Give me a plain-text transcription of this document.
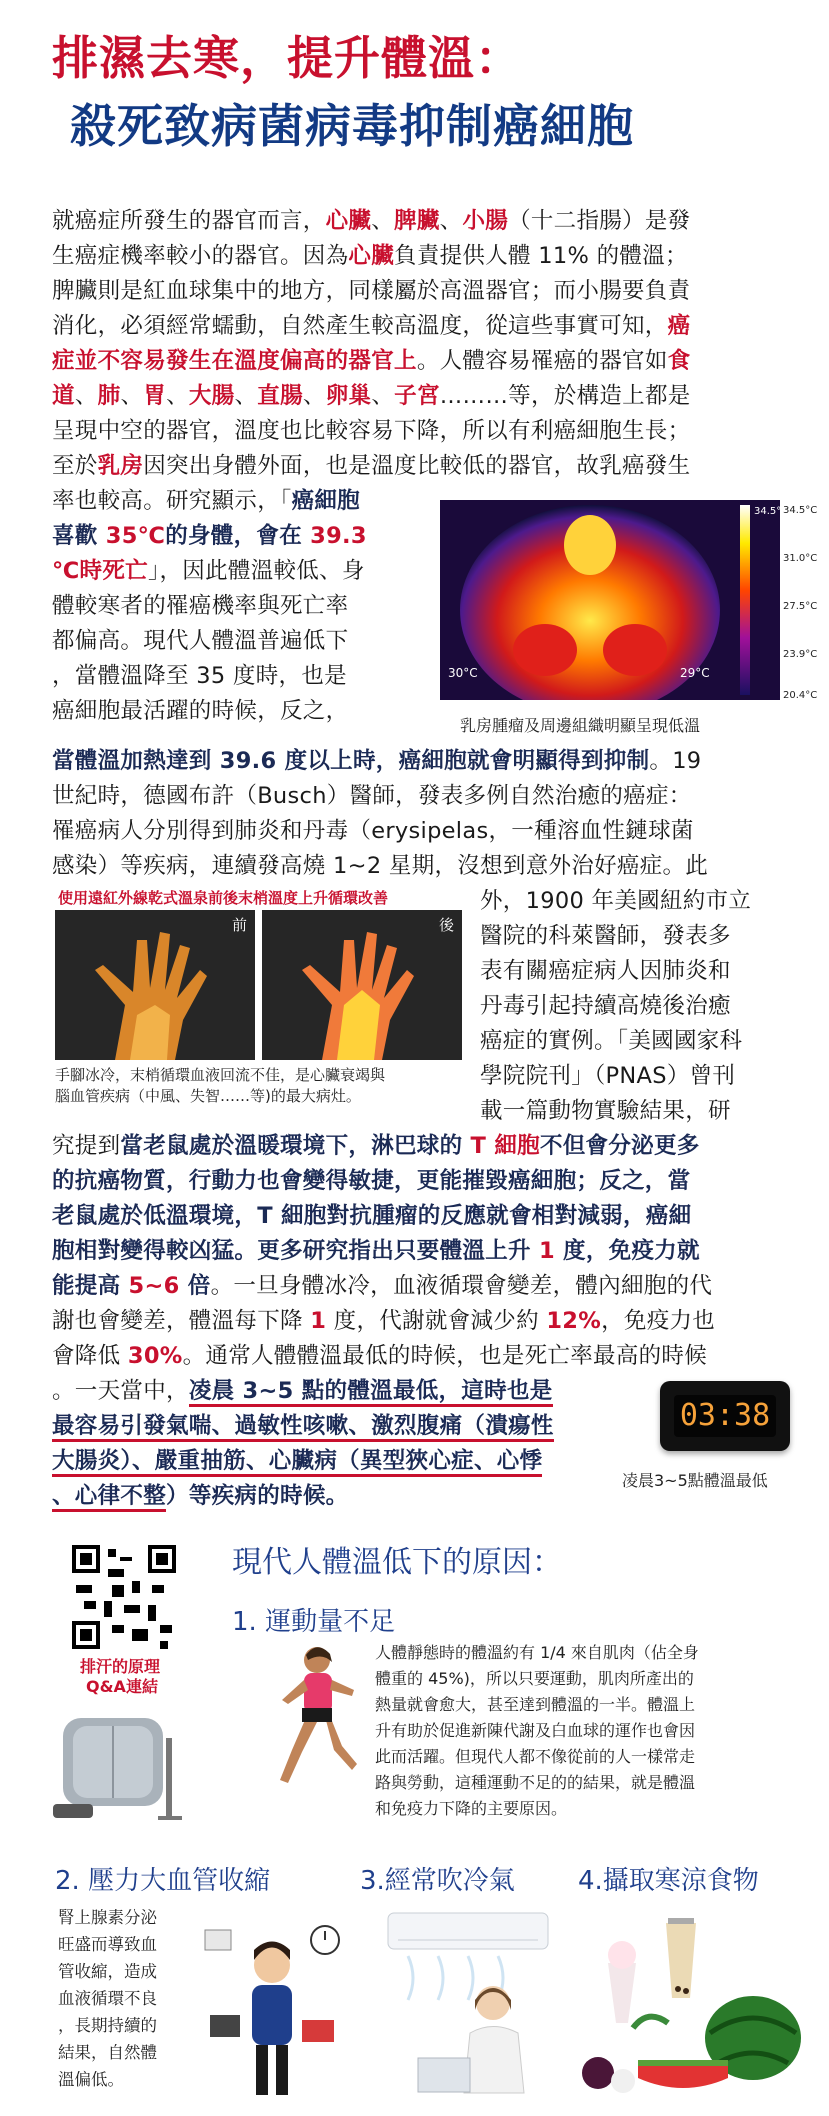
排濕去寒，提升體溫：
殺死致病菌病毒抑制癌細胞

就癌症所發生的器官而言，心臟、脾臟、小腸（十二指腸）是發

生癌症機率較小的器官。因為心臟負責提供人體 11% 的體溫；

脾臟則是紅血球集中的地方，同樣屬於高溫器官；而小腸要負責

消化，必須經常蠕動，自然產生較高溫度，從這些事實可知，癌

症並不容易發生在溫度偏高的器官上。人體容易罹癌的器官如食

道、肺、胃、大腸、直腸、卵巢、子宮………等，於構造上都是

呈現中空的器官，溫度也比較容易下降，所以有利癌細胞生長；

至於乳房因突出身體外面，也是溫度比較低的器官，故乳癌發生

率也較高。研究顯示，「癌細胞

喜歡 35℃的身體，會在 39.3

℃時死亡」，因此體溫較低、身

體較寒者的罹癌機率與死亡率

都偏高。現代人體溫普遍低下

，當體溫降至 35 度時，也是

癌細胞最活躍的時候，反之，

34.5°C
34.5°C
31.0°C
27.5°C
23.9°C
20.4°C
30°C	29°C
乳房腫瘤及周邊組織明顯呈現低溫

當體溫加熱達到 39.6 度以上時，癌細胞就會明顯得到抑制。19

世紀時，德國布許（Busch）醫師，發表多例自然治癒的癌症：

罹癌病人分別得到肺炎和丹毒（erysipelas，一種溶血性鏈球菌

感染）等疾病，連續發高燒 1~2 星期，沒想到意外治好癌症。此

使用遠紅外線乾式溫泉前後末梢溫度上升循環改善
前	後
手腳冰冷，末梢循環血液回流不佳，是心臟衰竭與
腦血管疾病（中風、失智……等)的最大病灶。

外，1900 年美國紐約市立

醫院的科萊醫師，發表多

表有關癌症病人因肺炎和

丹毒引起持續高燒後治癒

癌症的實例。「美國國家科

學院院刊」（PNAS）曾刊

載一篇動物實驗結果，研

究提到當老鼠處於溫暖環境下，淋巴球的 T 細胞不但會分泌更多

的抗癌物質，行動力也會變得敏捷，更能摧毀癌細胞；反之，當

老鼠處於低溫環境，T 細胞對抗腫瘤的反應就會相對減弱，癌細

胞相對變得較凶猛。更多研究指出只要體溫上升 1 度，免疫力就

能提高 5~6 倍。一旦身體冰冷，血液循環會變差，體內細胞的代

謝也會變差，體溫每下降 1 度，代謝就會減少約 12%，免疫力也

會降低 30%。通常人體體溫最低的時候，也是死亡率最高的時候

。一天當中，凌晨 3~5 點的體溫最低，這時也是

最容易引發氣喘、過敏性咳嗽、激烈腹痛（潰瘍性

大腸炎）、嚴重抽筋、心臟病（異型狹心症、心悸

、心律不整）等疾病的時候。

03:38
凌晨3~5點體溫最低
現代人體溫低下的原因：
1. 運動量不足
排汗的原理
Q&A連結

人體靜態時的體溫約有 1/4 來自肌肉（佔全身

體重的 45%)，所以只要運動，肌肉所產出的

熱量就會愈大，甚至達到體溫的一半。體溫上

升有助於促進新陳代謝及白血球的運作也會因

此而活躍。但現代人都不像從前的人一樣常走

路與勞動，這種運動不足的的結果，就是體溫

和免疫力下降的主要原因。

2. 壓力大血管收縮	3.經常吹冷氣 4.攝取寒涼食物

腎上腺素分泌

旺盛而導致血

管收縮，造成

血液循環不良

，長期持續的

結果，自然體

溫偏低。
